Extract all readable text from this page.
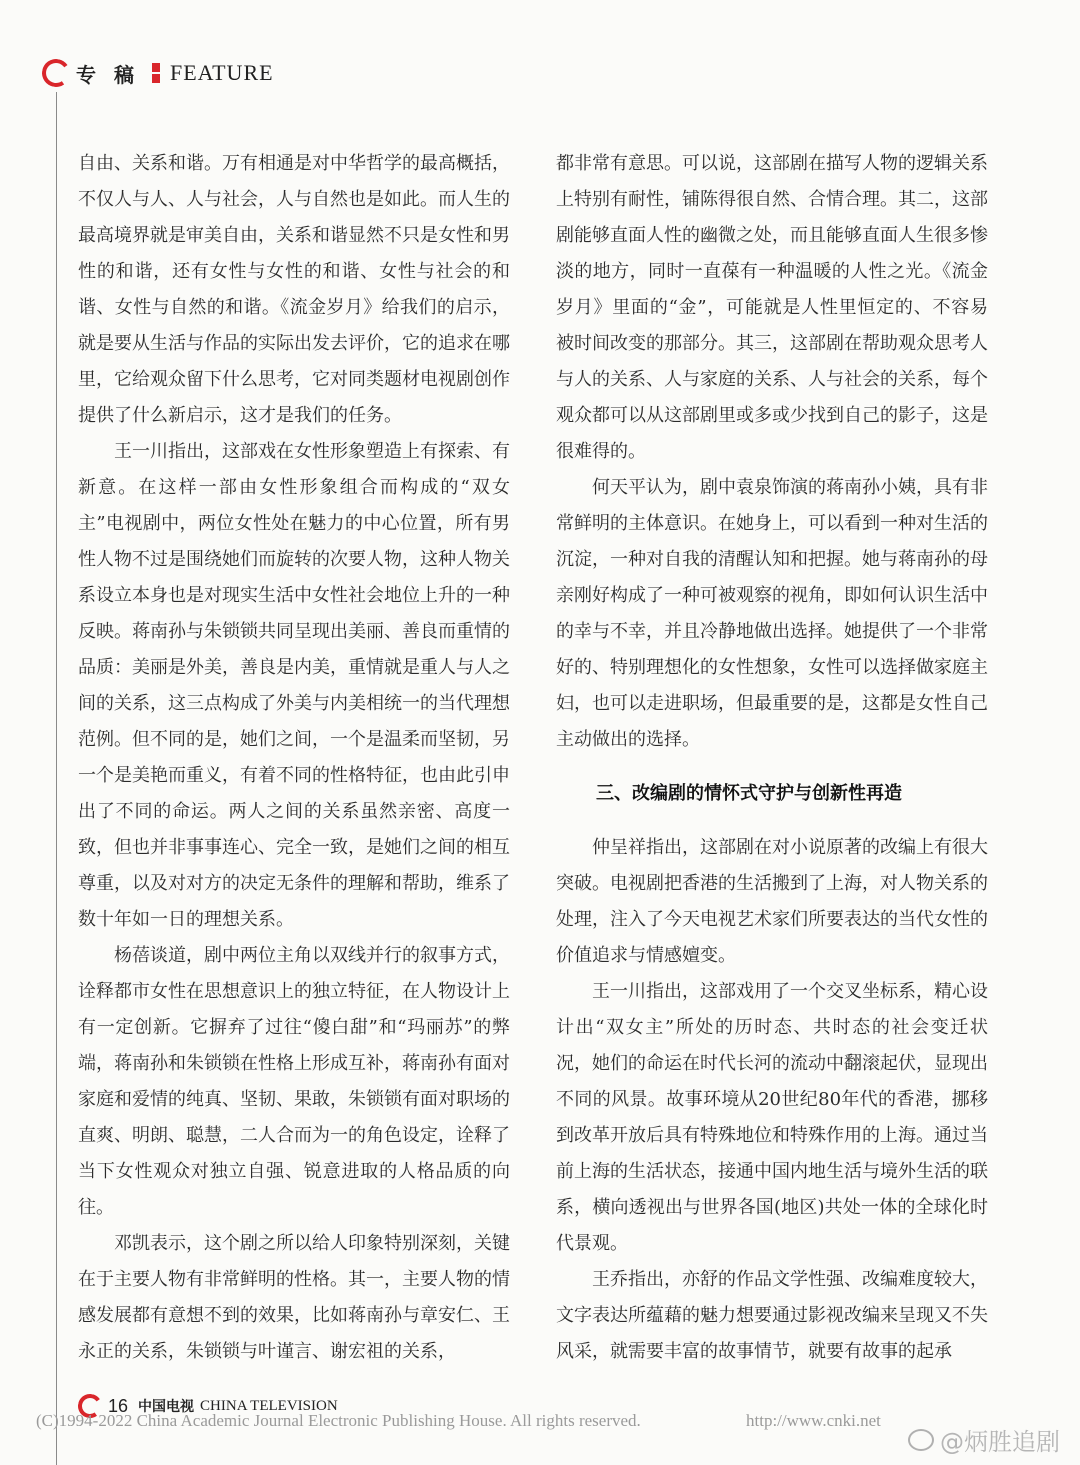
专稿 FEATURE

自由、关系和谐。万有相通是对中华哲学的最高概括，不仅人与人、人与社会，人与自然也是如此。而人生的最高境界就是审美自由，关系和谐显然不只是女性和男性的和谐，还有女性与女性的和谐、女性与社会的和谐、女性与自然的和谐。《流金岁月》给我们的启示，就是要从生活与作品的实际出发去评价，它的追求在哪里，它给观众留下什么思考，它对同类题材电视剧创作提供了什么新启示，这才是我们的任务。

王一川指出，这部戏在女性形象塑造上有探索、有新意。在这样一部由女性形象组合而构成的“双女主”电视剧中，两位女性处在魅力的中心位置，所有男性人物不过是围绕她们而旋转的次要人物，这种人物关系设立本身也是对现实生活中女性社会地位上升的一种反映。蒋南孙与朱锁锁共同呈现出美丽、善良而重情的品质：美丽是外美，善良是内美，重情就是重人与人之间的关系，这三点构成了外美与内美相统一的当代理想范例。但不同的是，她们之间，一个是温柔而坚韧，另一个是美艳而重义，有着不同的性格特征，也由此引申出了不同的命运。两人之间的关系虽然亲密、高度一致，但也并非事事连心、完全一致，是她们之间的相互尊重，以及对对方的决定无条件的理解和帮助，维系了数十年如一日的理想关系。

杨蓓谈道，剧中两位主角以双线并行的叙事方式，诠释都市女性在思想意识上的独立特征，在人物设计上有一定创新。它摒弃了过往“傻白甜”和“玛丽苏”的弊端，蒋南孙和朱锁锁在性格上形成互补，蒋南孙有面对家庭和爱情的纯真、坚韧、果敢，朱锁锁有面对职场的直爽、明朗、聪慧，二人合而为一的角色设定，诠释了当下女性观众对独立自强、锐意进取的人格品质的向往。

邓凯表示，这个剧之所以给人印象特别深刻，关键在于主要人物有非常鲜明的性格。其一，主要人物的情感发展都有意想不到的效果，比如蒋南孙与章安仁、王永正的关系，朱锁锁与叶谨言、谢宏祖的关系，

都非常有意思。可以说，这部剧在描写人物的逻辑关系上特别有耐性，铺陈得很自然、合情合理。其二，这部剧能够直面人性的幽微之处，而且能够直面人生很多惨淡的地方，同时一直葆有一种温暖的人性之光。《流金岁月》里面的“金”，可能就是人性里恒定的、不容易被时间改变的那部分。其三，这部剧在帮助观众思考人与人的关系、人与家庭的关系、人与社会的关系，每个观众都可以从这部剧里或多或少找到自己的影子，这是很难得的。

何天平认为，剧中袁泉饰演的蒋南孙小姨，具有非常鲜明的主体意识。在她身上，可以看到一种对生活的沉淀，一种对自我的清醒认知和把握。她与蒋南孙的母亲刚好构成了一种可被观察的视角，即如何认识生活中的幸与不幸，并且冷静地做出选择。她提供了一个非常好的、特别理想化的女性想象，女性可以选择做家庭主妇，也可以走进职场，但最重要的是，这都是女性自己主动做出的选择。

三、改编剧的情怀式守护与创新性再造

仲呈祥指出，这部剧在对小说原著的改编上有很大突破。电视剧把香港的生活搬到了上海，对人物关系的处理，注入了今天电视艺术家们所要表达的当代女性的价值追求与情感嬗变。

王一川指出，这部戏用了一个交叉坐标系，精心设计出“双女主”所处的历时态、共时态的社会变迁状况，她们的命运在时代长河的流动中翻滚起伏，显现出不同的风景。故事环境从20世纪80年代的香港，挪移到改革开放后具有特殊地位和特殊作用的上海。通过当前上海的生活状态，接通中国内地生活与境外生活的联系，横向透视出与世界各国(地区)共处一体的全球化时代景观。

王乔指出，亦舒的作品文学性强、改编难度较大，文字表达所蕴藉的魅力想要通过影视改编来呈现又不失风采，就需要丰富的故事情节，就要有故事的起承

16 中国电视 CHINA TELEVISION
(C)1994-2022 China Academic Journal Electronic Publishing House. All rights reserved.	http://www.cnki.net
@炳胜追剧
